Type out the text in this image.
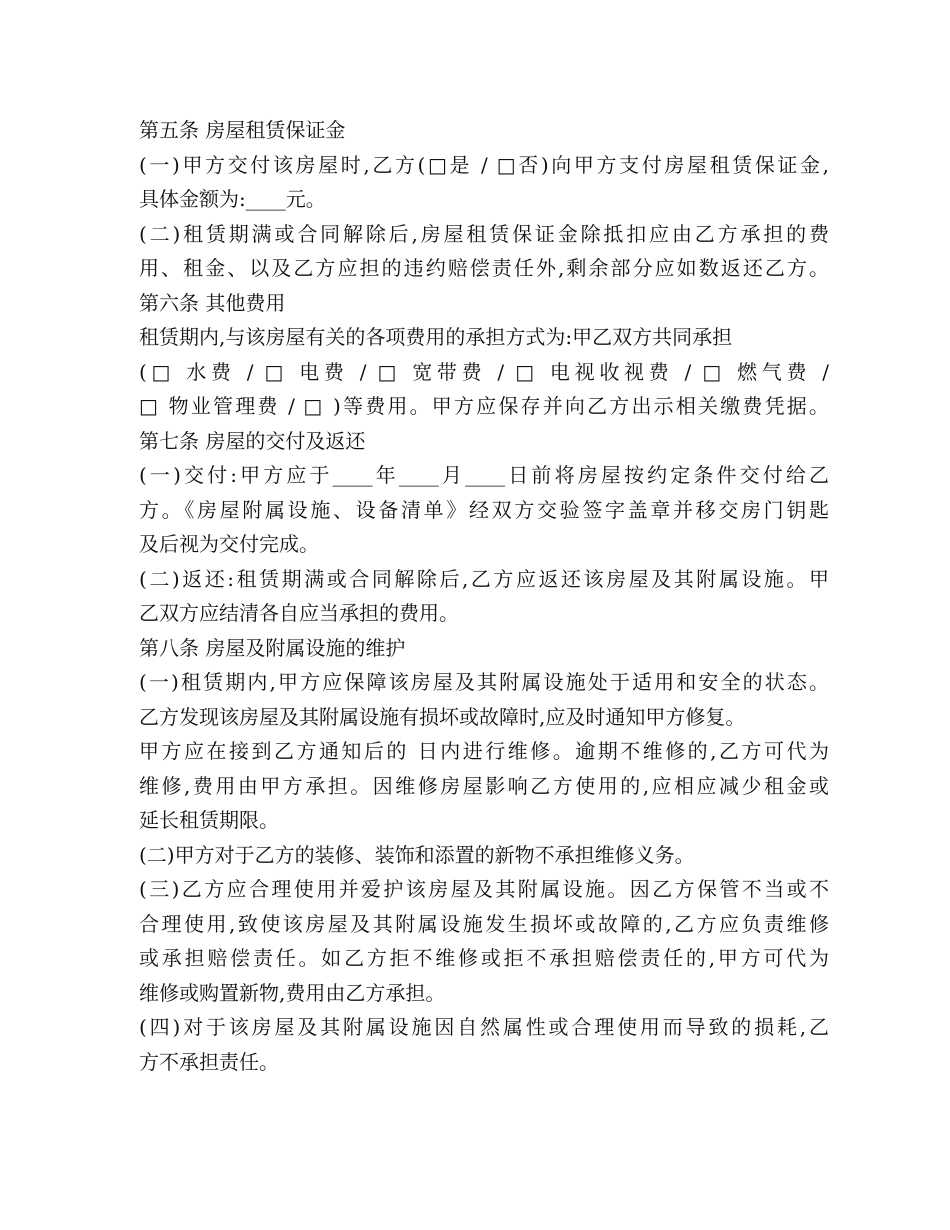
第五条 房屋租赁保证金
(一)甲方交付该房屋时,乙方(□是 / □否)向甲方支付房屋租赁保证金,
具体金额为:____元。
(二)租赁期满或合同解除后,房屋租赁保证金除抵扣应由乙方承担的费
用、租金、以及乙方应担的违约赔偿责任外,剩余部分应如数返还乙方。
第六条 其他费用
租赁期内,与该房屋有关的各项费用的承担方式为:甲乙双方共同承担
(□ 水费 / □ 电费 / □ 宽带费 / □ 电视收视费 / □ 燃气费 /
□ 物业管理费 / □ )等费用。甲方应保存并向乙方出示相关缴费凭据。
第七条 房屋的交付及返还
(一)交付:甲方应于____年____月____日前将房屋按约定条件交付给乙
方。《房屋附属设施、设备清单》经双方交验签字盖章并移交房门钥匙
及后视为交付完成。
(二)返还:租赁期满或合同解除后,乙方应返还该房屋及其附属设施。甲
乙双方应结清各自应当承担的费用。
第八条 房屋及附属设施的维护
(一)租赁期内,甲方应保障该房屋及其附属设施处于适用和安全的状态。
乙方发现该房屋及其附属设施有损坏或故障时,应及时通知甲方修复。
甲方应在接到乙方通知后的 日内进行维修。逾期不维修的,乙方可代为
维修,费用由甲方承担。因维修房屋影响乙方使用的,应相应减少租金或
延长租赁期限。
(二)甲方对于乙方的装修、装饰和添置的新物不承担维修义务。
(三)乙方应合理使用并爱护该房屋及其附属设施。因乙方保管不当或不
合理使用,致使该房屋及其附属设施发生损坏或故障的,乙方应负责维修
或承担赔偿责任。如乙方拒不维修或拒不承担赔偿责任的,甲方可代为
维修或购置新物,费用由乙方承担。
(四)对于该房屋及其附属设施因自然属性或合理使用而导致的损耗,乙
方不承担责任。
